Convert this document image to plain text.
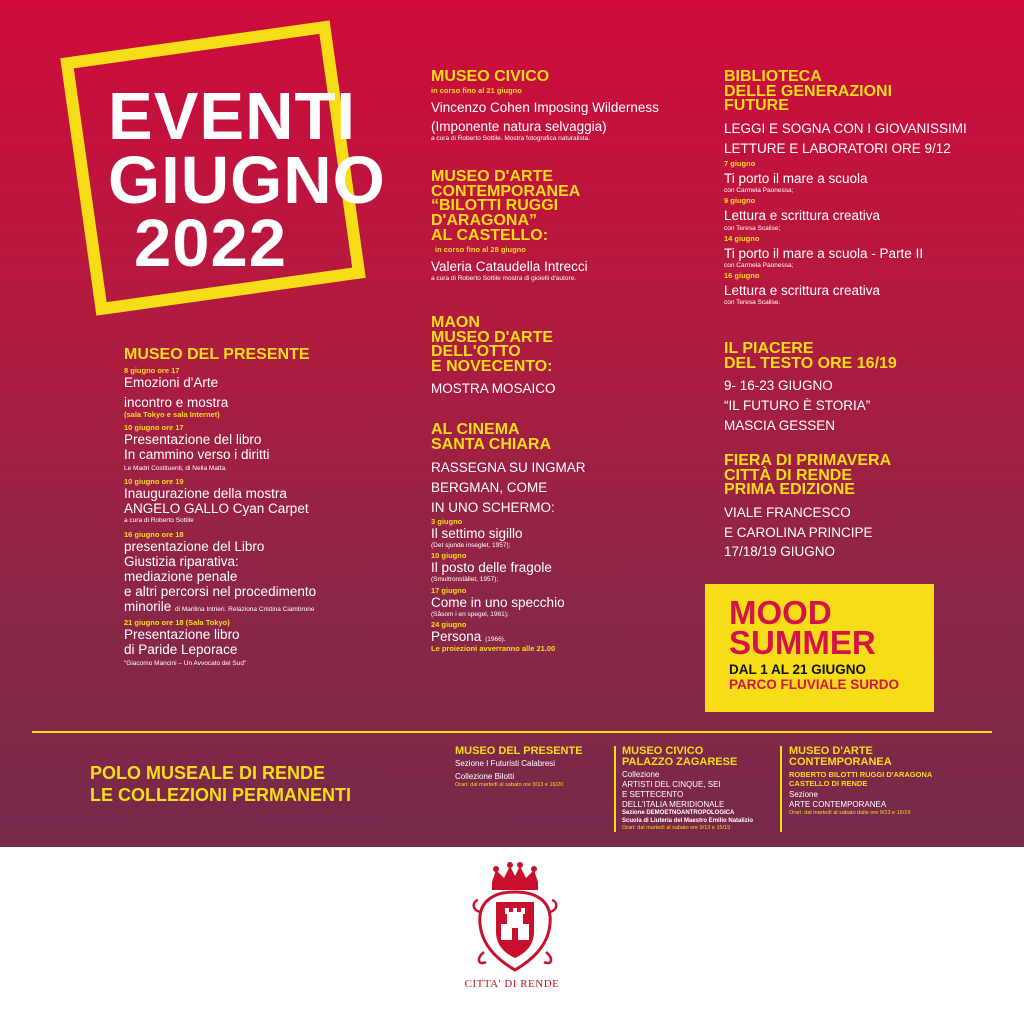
EVENTI
GIUGNO
2022
MUSEO DEL PRESENTE
8 giugno ore 17
Emozioni d'Arte
incontro e mostra
(sala Tokyo e sala Internet)
10 giugno ore 17
Presentazione del libro
In cammino verso i diritti
Le Madri Costituenti, di Nella Matta.
10 giugno ore 19
Inaugurazione della mostra
ANGELO GALLO Cyan Carpet
a cura di Roberto Sottile
16 giugno ore 18
presentazione del Libro
Giustizia riparativa:
mediazione penale
e altri percorsi nel procedimento
minorile di Marilina Intrieri. Relaziona Cristina Ciambrone
21 giugno ore 18 (Sala Tokyo)
Presentazione libro
di Paride Leporace
"Giacomo Mancini – Un Avvocato del Sud"
MUSEO CIVICO
in corso fino al 21 giugno
Vincenzo Cohen Imposing Wilderness
(Imponente natura selvaggia)
a cura di Roberto Sottile. Mostra fotografica naturalista.
MUSEO D'ARTE
CONTEMPORANEA
“BILOTTI RUGGI
D'ARAGONA”
AL CASTELLO:
in corso fino al 28 giugno
Valeria Cataudella Intrecci
a cura di Roberto Sottile mostra di gioielli d'autore.
MAON
MUSEO D'ARTE
DELL'OTTO
E NOVECENTO:
MOSTRA MOSAICO
AL CINEMA
SANTA CHIARA
RASSEGNA SU INGMAR
BERGMAN, COME
IN UNO SCHERMO:
3 giugno
Il settimo sigillo
(Det sjunde inseglet, 1957);
10 giugno
Il posto delle fragole
(Smultronstället, 1957);
17 giugno
Come in uno specchio
(Såsom i en spegel, 1961);
24 giugno
Persona (1966).
Le proiezioni avverranno alle 21.00
BIBLIOTECA
DELLE GENERAZIONI
FUTURE
LEGGI E SOGNA CON I GIOVANISSIMI
LETTURE E LABORATORI ORE 9/12
7 giugno
Ti porto il mare a scuola
con Carmela Paonessa;
9 giugno
Lettura e scrittura creativa
con Teresa Scalise;
14 giugno
Ti porto il mare a scuola - Parte II
con Carmela Paonessa;
16 giugno
Lettura e scrittura creativa
con Teresa Scalise.
IL PIACERE
DEL TESTO ORE 16/19
9- 16-23 GIUGNO
“IL FUTURO È STORIA”
MASCIA GESSEN
FIERA DI PRIMAVERA
CITTÀ DI RENDE
PRIMA EDIZIONE
VIALE FRANCESCO
E CAROLINA PRINCIPE
17/18/19 GIUGNO
MOOD
SUMMER
DAL 1 AL 21 GIUGNO
PARCO FLUVIALE SURDO
POLO MUSEALE DI RENDE
LE COLLEZIONI PERMANENTI
MUSEO DEL PRESENTE
Sezione I Futuristi Calabresi
Collezione Bilotti
Orari: dal martedì al sabato ore 9/13 e 16/20
MUSEO CIVICO
PALAZZO ZAGARESE
Collezione
ARTISTI DEL CINQUE, SEI
E SETTECENTO
DELL'ITALIA MERIDIONALE
Sezione DEMOETNOANTROPOLOGICA
Scuola di Liuteria del Maestro Emilio Natalizio
Orari: dal martedì al sabato ore 9/13 e 15/19
MUSEO D'ARTE
CONTEMPORANEA
ROBERTO BILOTTI RUGGI D'ARAGONA
CASTELLO DI RENDE
Sezione
ARTE CONTEMPORANEA
Orari: dal martedì al sabato dalle ore 9/13 e 15/19
CITTA' DI RENDE
